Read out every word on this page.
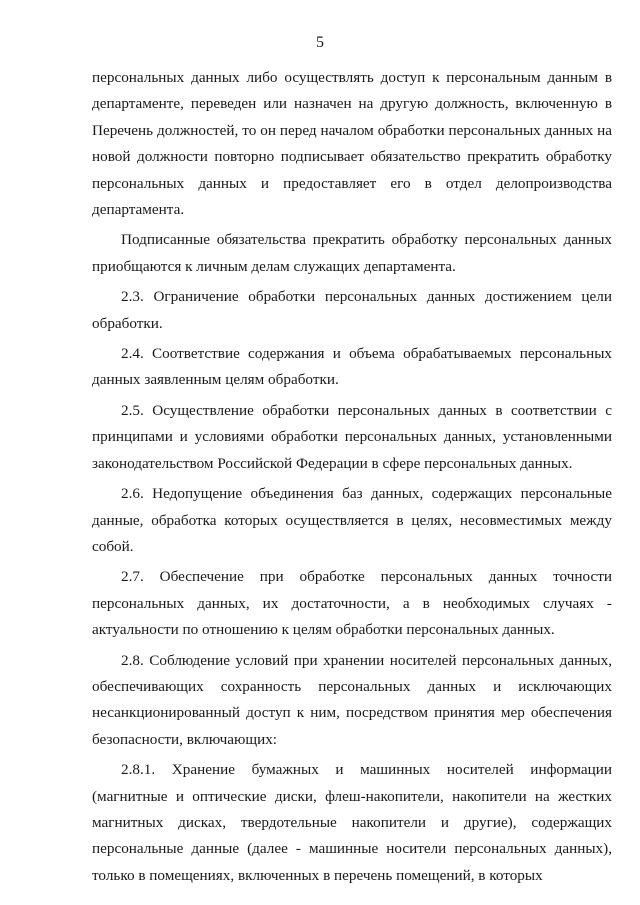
5

персональных данных либо осуществлять доступ к персональным данным в департаменте, переведен или назначен на другую должность, включенную в Перечень должностей, то он перед началом обработки персональных данных на новой должности повторно подписывает обязательство прекратить обработку персональных данных и предоставляет его в отдел делопроизводства департамента.

Подписанные обязательства прекратить обработку персональных данных приобщаются к личным делам служащих департамента.

2.3. Ограничение обработки персональных данных достижением цели обработки.

2.4. Соответствие содержания и объема обрабатываемых персональных данных заявленным целям обработки.

2.5. Осуществление обработки персональных данных в соответствии с принципами и условиями обработки персональных данных, установленными законодательством Российской Федерации в сфере персональных данных.

2.6. Недопущение объединения баз данных, содержащих персональные данные, обработка которых осуществляется в целях, несовместимых между собой.

2.7. Обеспечение при обработке персональных данных точности персональных данных, их достаточности, а в необходимых случаях - актуальности по отношению к целям обработки персональных данных.

2.8. Соблюдение условий при хранении носителей персональных данных, обеспечивающих сохранность персональных данных и исключающих несанкционированный доступ к ним, посредством принятия мер обеспечения безопасности, включающих:

2.8.1. Хранение бумажных и машинных носителей информации (магнитные и оптические диски, флеш-накопители, накопители на жестких магнитных дисках, твердотельные накопители и другие), содержащих персональные данные (далее - машинные носители персональных данных), только в помещениях, включенных в перечень помещений, в которых
